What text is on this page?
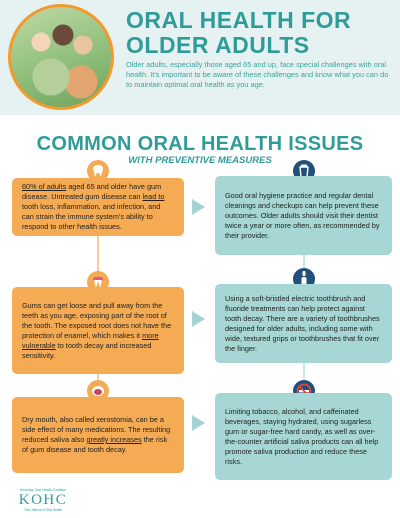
ORAL HEALTH FOR
OLDER ADULTS

Older adults, especially those aged 65 and up, face special challenges with oral health. It's important to be aware of these challenges and know what you can do to maintain optimal oral health as you age.

COMMON ORAL HEALTH ISSUES

WITH PREVENTIVE MEASURES

60% of adults aged 65 and older have gum disease. Untreated gum disease can lead to tooth loss, inflammation, and infection, and can strain the immune system's ability to respond to other health issues.

Good oral hygiene practice and regular dental cleanings and checkups can help prevent these outcomes. Older adults should visit their dentist twice a year or more often, as recommended by their provider.

Gums can get loose and pull away from the teeth as you age, exposing part of the root of the tooth. The exposed root does not have the protection of enamel, which makes it more vulnerable to tooth decay and increased sensitivity.

Using a soft-bristled electric toothbrush and fluoride treatments can help protect against tooth decay. There are a variety of toothbrushes designed for older adults, including some with wide, textured grips or toothbrushes that fit over the finger.

Dry mouth, also called xerostomia, can be a side effect of many medications. The resulting reduced saliva also greatly increases the risk of gum disease and tooth decay.

Limiting tobacco, alcohol, and caffeinated beverages, staying hydrated, using sugarless gum or sugar-free hard candy, as well as over-the-counter artificial saliva products can all help promote saliva production and reduce these risks.

Kentucky Oral Health Coalition

KOHC

The Lifetime of Oral Health
